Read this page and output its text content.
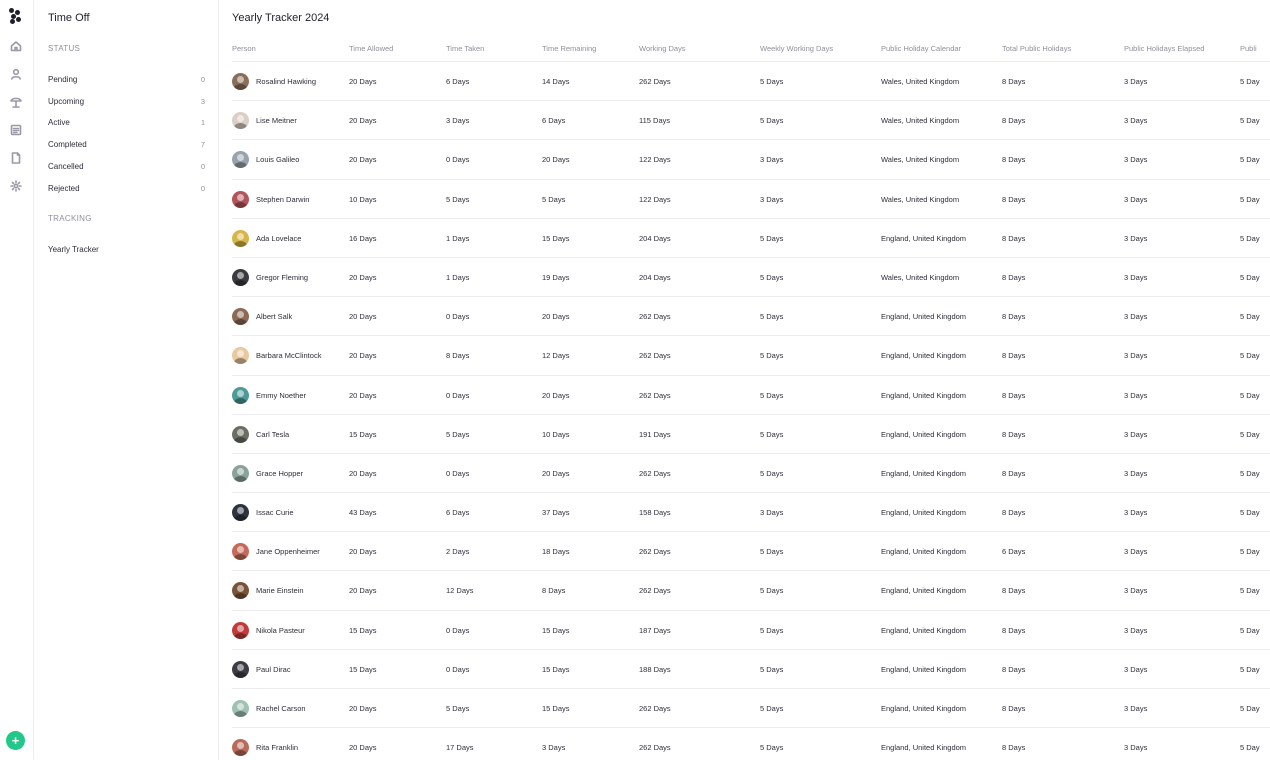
+
Time Off
STATUS
Pending	0
Upcoming	3
Active	1
Completed	7
Cancelled	0
Rejected	0
TRACKING
Yearly Tracker
Yearly Tracker 2024
Person	Time Allowed	Time Taken	Time Remaining	Working Days	Weekly Working Days	Public Holiday Calendar	Total Public Holidays	Public Holidays Elapsed	Publi
Rosalind Hawking	20 Days	6 Days	14 Days	262 Days	5 Days	Wales, United Kingdom	8 Days	3 Days	5 Day
Lise Meitner	20 Days	3 Days	6 Days	115 Days	5 Days	Wales, United Kingdom	8 Days	3 Days	5 Day
Louis Galileo	20 Days	0 Days	20 Days	122 Days	3 Days	Wales, United Kingdom	8 Days	3 Days	5 Day
Stephen Darwin	10 Days	5 Days	5 Days	122 Days	3 Days	Wales, United Kingdom	8 Days	3 Days	5 Day
Ada Lovelace	16 Days	1 Days	15 Days	204 Days	5 Days	England, United Kingdom	8 Days	3 Days	5 Day
Gregor Fleming	20 Days	1 Days	19 Days	204 Days	5 Days	Wales, United Kingdom	8 Days	3 Days	5 Day
Albert Salk	20 Days	0 Days	20 Days	262 Days	5 Days	England, United Kingdom	8 Days	3 Days	5 Day
Barbara McClintock	20 Days	8 Days	12 Days	262 Days	5 Days	England, United Kingdom	8 Days	3 Days	5 Day
Emmy Noether	20 Days	0 Days	20 Days	262 Days	5 Days	England, United Kingdom	8 Days	3 Days	5 Day
Carl Tesla	15 Days	5 Days	10 Days	191 Days	5 Days	England, United Kingdom	8 Days	3 Days	5 Day
Grace Hopper	20 Days	0 Days	20 Days	262 Days	5 Days	England, United Kingdom	8 Days	3 Days	5 Day
Issac Curie	43 Days	6 Days	37 Days	158 Days	3 Days	England, United Kingdom	8 Days	3 Days	5 Day
Jane Oppenheimer	20 Days	2 Days	18 Days	262 Days	5 Days	England, United Kingdom	6 Days	3 Days	5 Day
Marie Einstein	20 Days	12 Days	8 Days	262 Days	5 Days	England, United Kingdom	8 Days	3 Days	5 Day
Nikola Pasteur	15 Days	0 Days	15 Days	187 Days	5 Days	England, United Kingdom	8 Days	3 Days	5 Day
Paul Dirac	15 Days	0 Days	15 Days	188 Days	5 Days	England, United Kingdom	8 Days	3 Days	5 Day
Rachel Carson	20 Days	5 Days	15 Days	262 Days	5 Days	England, United Kingdom	8 Days	3 Days	5 Day
Rita Franklin	20 Days	17 Days	3 Days	262 Days	5 Days	England, United Kingdom	8 Days	3 Days	5 Day
